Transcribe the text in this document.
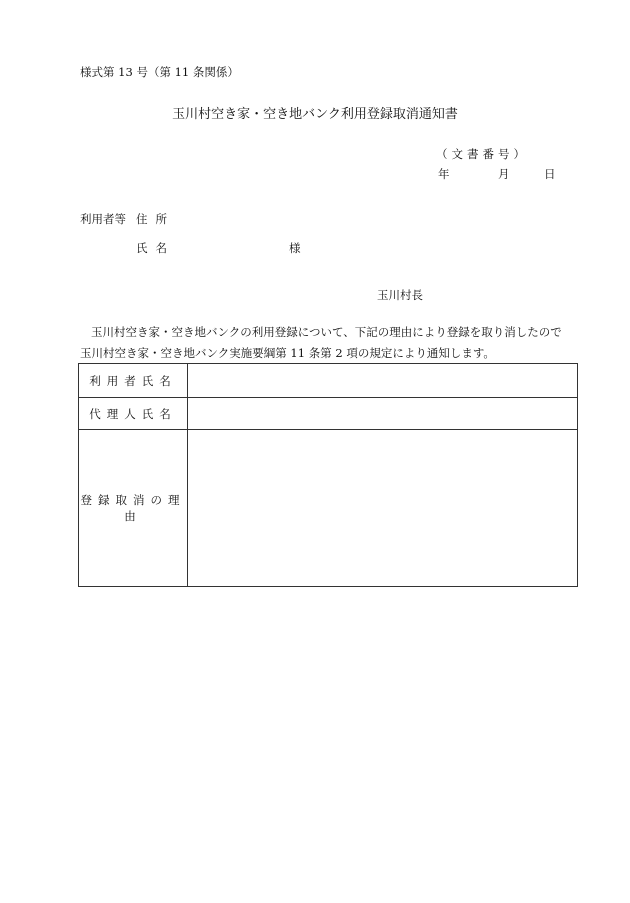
様式第 13 号（第 11 条関係）
玉川村空き家・空き地バンク利用登録取消通知書
（文書番号）
年	月	日
利用者等 住所
氏名	様
玉川村長

玉川村空き家・空き地バンクの利用登録について、下記の理由により登録を取り消したので

玉川村空き家・空き地バンク実施要綱第 11 条第 2 項の規定により通知します。

利用者氏名	
代理人氏名	
登録取消の理由	
